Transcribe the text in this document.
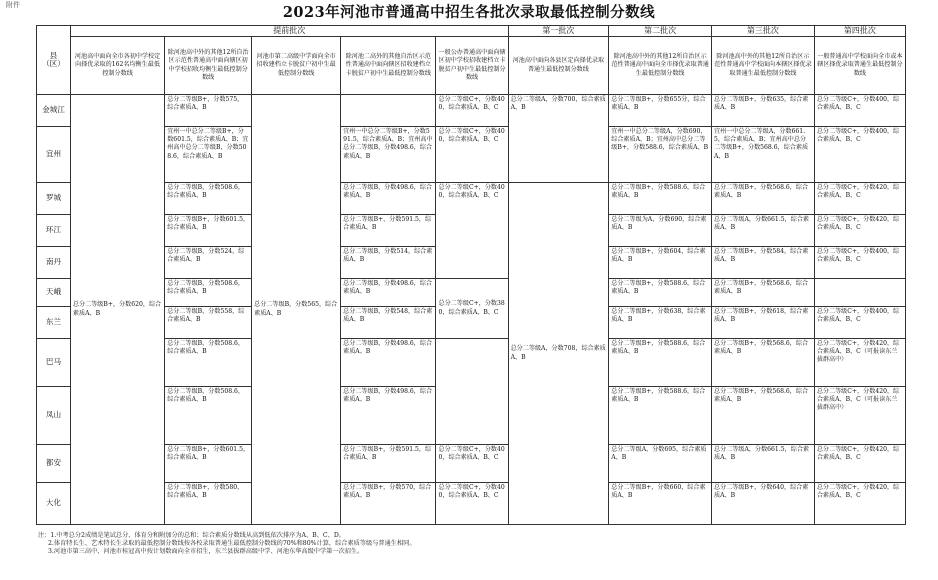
附件	2023年河池市普通高中招生各批次录取最低控制分数线
县
（区）	提前批次					第一批次	第二批次	第三批次	第四批次
	河池高中面向全市各初中学校定向择优录取的162名均衡生最低控制分数线	除河池高中外的其他12所自治区示范性普通高中面向辖区初中学校招收均衡生最低控制分数线	河池市第二高级中学面向全市招收建档立卡脱贫户初中生最低控制分数线	除河池二高外的其他自治区示范性普通高中面向辖区招收建档立卡脱贫户初中生最低控制分数线	一般公办普通高中面向辖区初中学校招收建档立卡脱贫户初中生最低控制分数线	河池高中面向各县区定向择优录取普通生最低控制分数线	除河池高中外的其他12所自治区示范性普通高中面向全市择优录取普通生最低控制分数线	除河池高中外的其他12所自治区示范性普通高中学校面向本辖区择优录取普通生最低控制分数线	一般普通高中学校面向全市或本辖区择优录取普通生最低控制分数线
金城江	总分二等级B+，分数620，综合素质A、B	总分二等级B+，分数575，综合素质A、B	总分二等级B，分数565，综合素质A、B		总分二等级C+，分数400，综合素质A、B、C	总分二等级A，分数700，综合素质A、B	总分二等级B+，分数655分，综合素质A、B	总分二等级B+，分数635，综合素质A、B	总分二等级C+，分数400，综合素质A、B、C
宜州		宜州一中总分二等级B+，分数601.5，综合素质A、B；宜州高中总分二等级B，分数508.6，综合素质A、B		宜州一中总分二等级B+，分数591.5，综合素质A、B；宜州高中总分二等级B，分数498.6，综合素质A、B	总分二等级C+，分数400，综合素质A、B、C		宜州一中总分二等级A，分数690，综合素质A、B；宜州高中总分二等级B+，分数588.6，综合素质A、B	宜州一中总分二等级A，分数661.5，综合素质A、B；宜州高中总分二等级B+，分数568.6，综合素质A、B	总分二等级C+，分数400，综合素质A、B、C
罗城		总分二等级B，分数508.6，综合素质A、B		总分二等级B，分数498.6，综合素质A、B	总分二等级C+，分数400，综合素质A、B、C	总分二等级A，分数708，综合素质A、B	总分二等级B+，分数588.6，综合素质A、B	总分二等级B+，分数568.6，综合素质A、B	总分二等级C+，分数420，综合素质A、B、C
环江		总分二等级B+，分数601.5，综合素质A、B		总分二等级B+，分数591.5，综合素质A、B			总分二等级为A，分数690，综合素质A、B	总分二等级A，分数661.5，综合素质A、B	总分二等级C+，分数420，综合素质A、B、C
南丹		总分二等级B，分数524，综合素质A、B		总分二等级B，分数514，综合素质A、B			总分二等级B+，分数604，综合素质A、B	总分二等级B+，分数584，综合素质A、B	总分二等级C+，分数400，综合素质A、B、C
天峨		总分二等级B，分数508.6，综合素质A、B		总分二等级B，分数498.6，综合素质A、B	总分二等级C+，分数380，综合素质A、B、C		总分二等级B+，分数588.6，综合素质A、B	总分二等级B+，分数568.6，综合素质A、B	
东兰		总分二等级B，分数558，综合素质A、B		总分二等级B，分数548，综合素质A、B			总分二等级B+，分数638，综合素质A、B	总分二等级B+，分数618，综合素质A、B	总分二等级C+，分数400，综合素质A、B、C
巴马		总分二等级B，分数508.6，综合素质A、B		总分二等级B，分数498.6，综合素质A、B			总分二等级B+，分数588.6，综合素质A、B	总分二等级B+，分数568.6，综合素质A、B	总分二等级C+，分数420，综合素质A、B、C（可报读东兰拔群高中）
凤山		总分二等级B，分数508.6，综合素质A、B		总分二等级B，分数498.6，综合素质A、B			总分二等级B+，分数588.6，综合素质A、B	总分二等级B+，分数568.6，综合素质A、B	总分二等级C+，分数420，综合素质A、B、C（可报读东兰拔群高中）
都安		总分二等级B+，分数601.5，综合素质A、B		总分二等级B+，分数591.5，综合素质A、B	总分二等级C+，分数400，综合素质A、B、C		总分二等级A，分数695，综合素质A、B	总分二等级A，分数661.5，综合素质A、B	总分二等级C+，分数420，综合素质A、B、C
大化		总分二等级B+，分数580，综合素质A、B		总分二等级B+，分数570，综合素质A、B	总分二等级C+，分数400，综合素质A、B、C		总分二等级B+，分数660，综合素质A、B	总分二等级B+，分数640，综合素质A、B	总分二等级C+，分数420，综合素质A、B、C
注：1.中考总分2成绩是笔试总分、体育分和附加分的总和；综合素质分数线从高到低依次排序为A、B、C、D。
2.体育特长生、艺术特长生录取的最低控制分数线按各校录取普通生最低控制分数线的70%和80%计算，综合素质等级与普通生相同。
3.河池市第三高中、河池市桂冠高中按计划数面向全市招生，东兰县拔群高级中学、河池东华高级中学第一次招生。
